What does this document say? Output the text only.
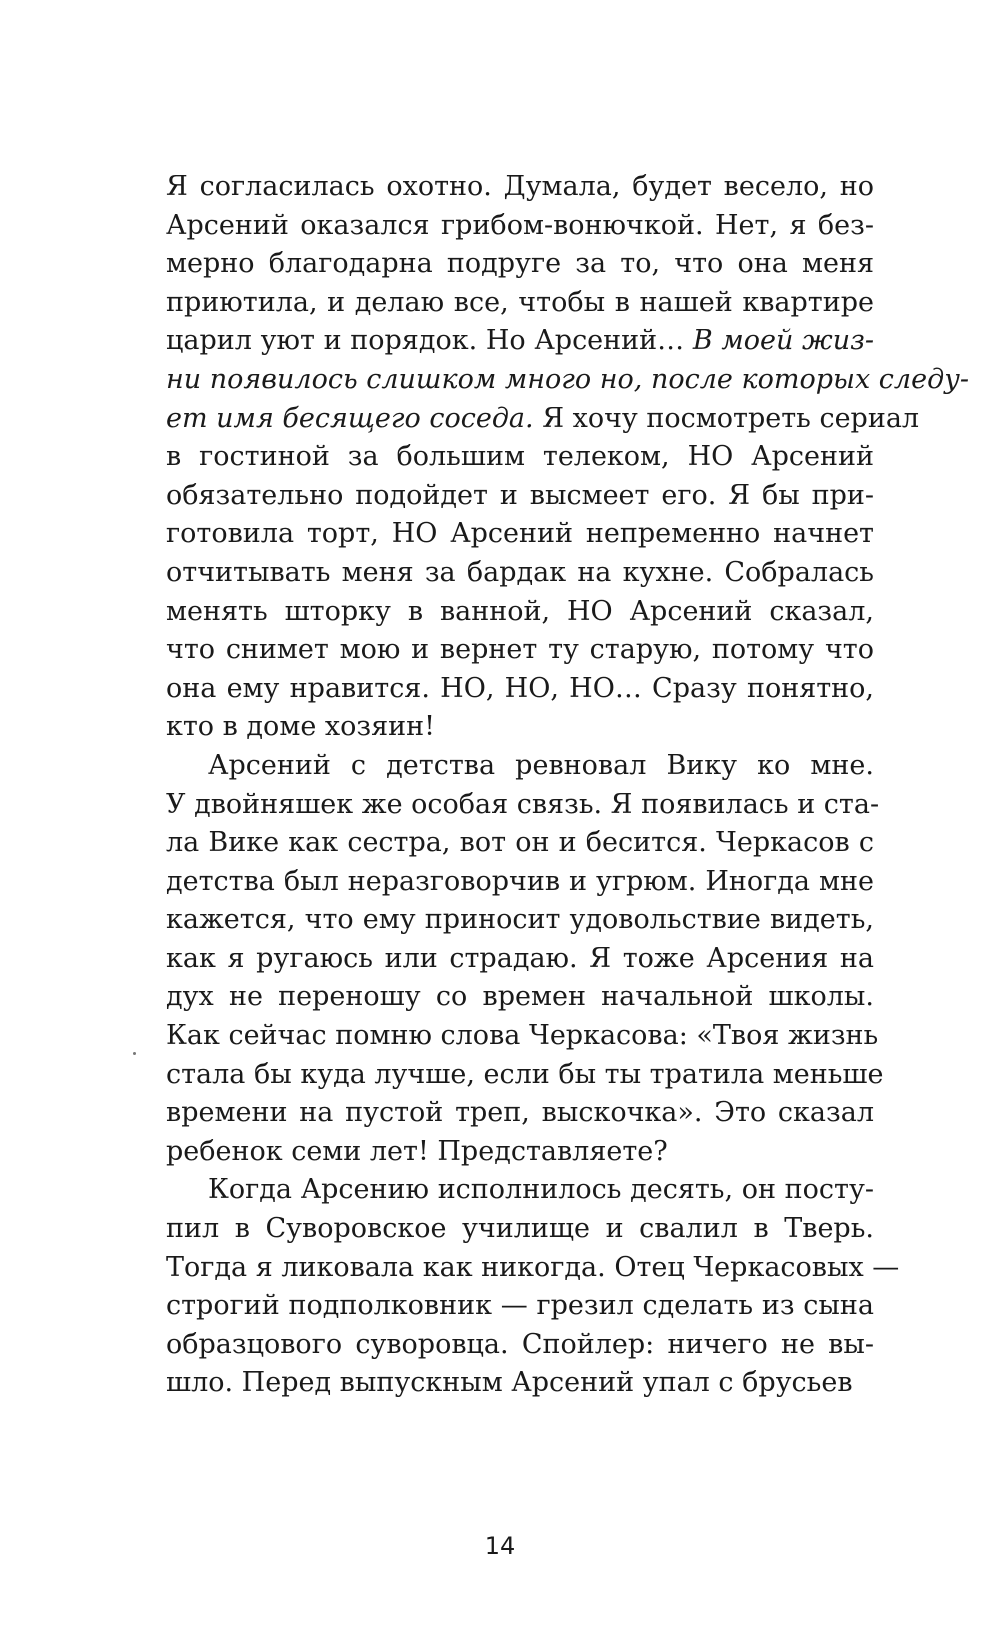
Я согласилась охотно. Думала, будет весело, но
Арсений оказался грибом-вонючкой. Нет, я без-
мерно благодарна подруге за то, что она меня
приютила, и делаю все, чтобы в нашей квартире
царил уют и порядок. Но Арсений… В моей жиз-
ни появилось слишком много но, после которых следу-
ет имя бесящего соседа. Я хочу посмотреть сериал
в гостиной за большим телеком, НО Арсений
обязательно подойдет и высмеет его. Я бы при-
готовила торт, НО Арсений непременно начнет
отчитывать меня за бардак на кухне. Собралась
менять шторку в ванной, НО Арсений сказал,
что снимет мою и вернет ту старую, потому что
она ему нравится. НО, НО, НО… Сразу понятно,
кто в доме хозяин!
Арсений с детства ревновал Вику ко мне.
У двойняшек же особая связь. Я появилась и ста-
ла Вике как сестра, вот он и бесится. Черкасов с
детства был неразговорчив и угрюм. Иногда мне
кажется, что ему приносит удовольствие видеть,
как я ругаюсь или страдаю. Я тоже Арсения на
дух не переношу со времен начальной школы.
Как сейчас помню слова Черкасова: «Твоя жизнь
стала бы куда лучше, если бы ты тратила меньше
времени на пустой треп, выскочка». Это сказал
ребенок семи лет! Представляете?
Когда Арсению исполнилось десять, он посту-
пил в Суворовское училище и свалил в Тверь.
Тогда я ликовала как никогда. Отец Черкасовых —
строгий подполковник — грезил сделать из сына
образцового суворовца. Спойлер: ничего не вы-
шло. Перед выпускным Арсений упал с брусьев
14
